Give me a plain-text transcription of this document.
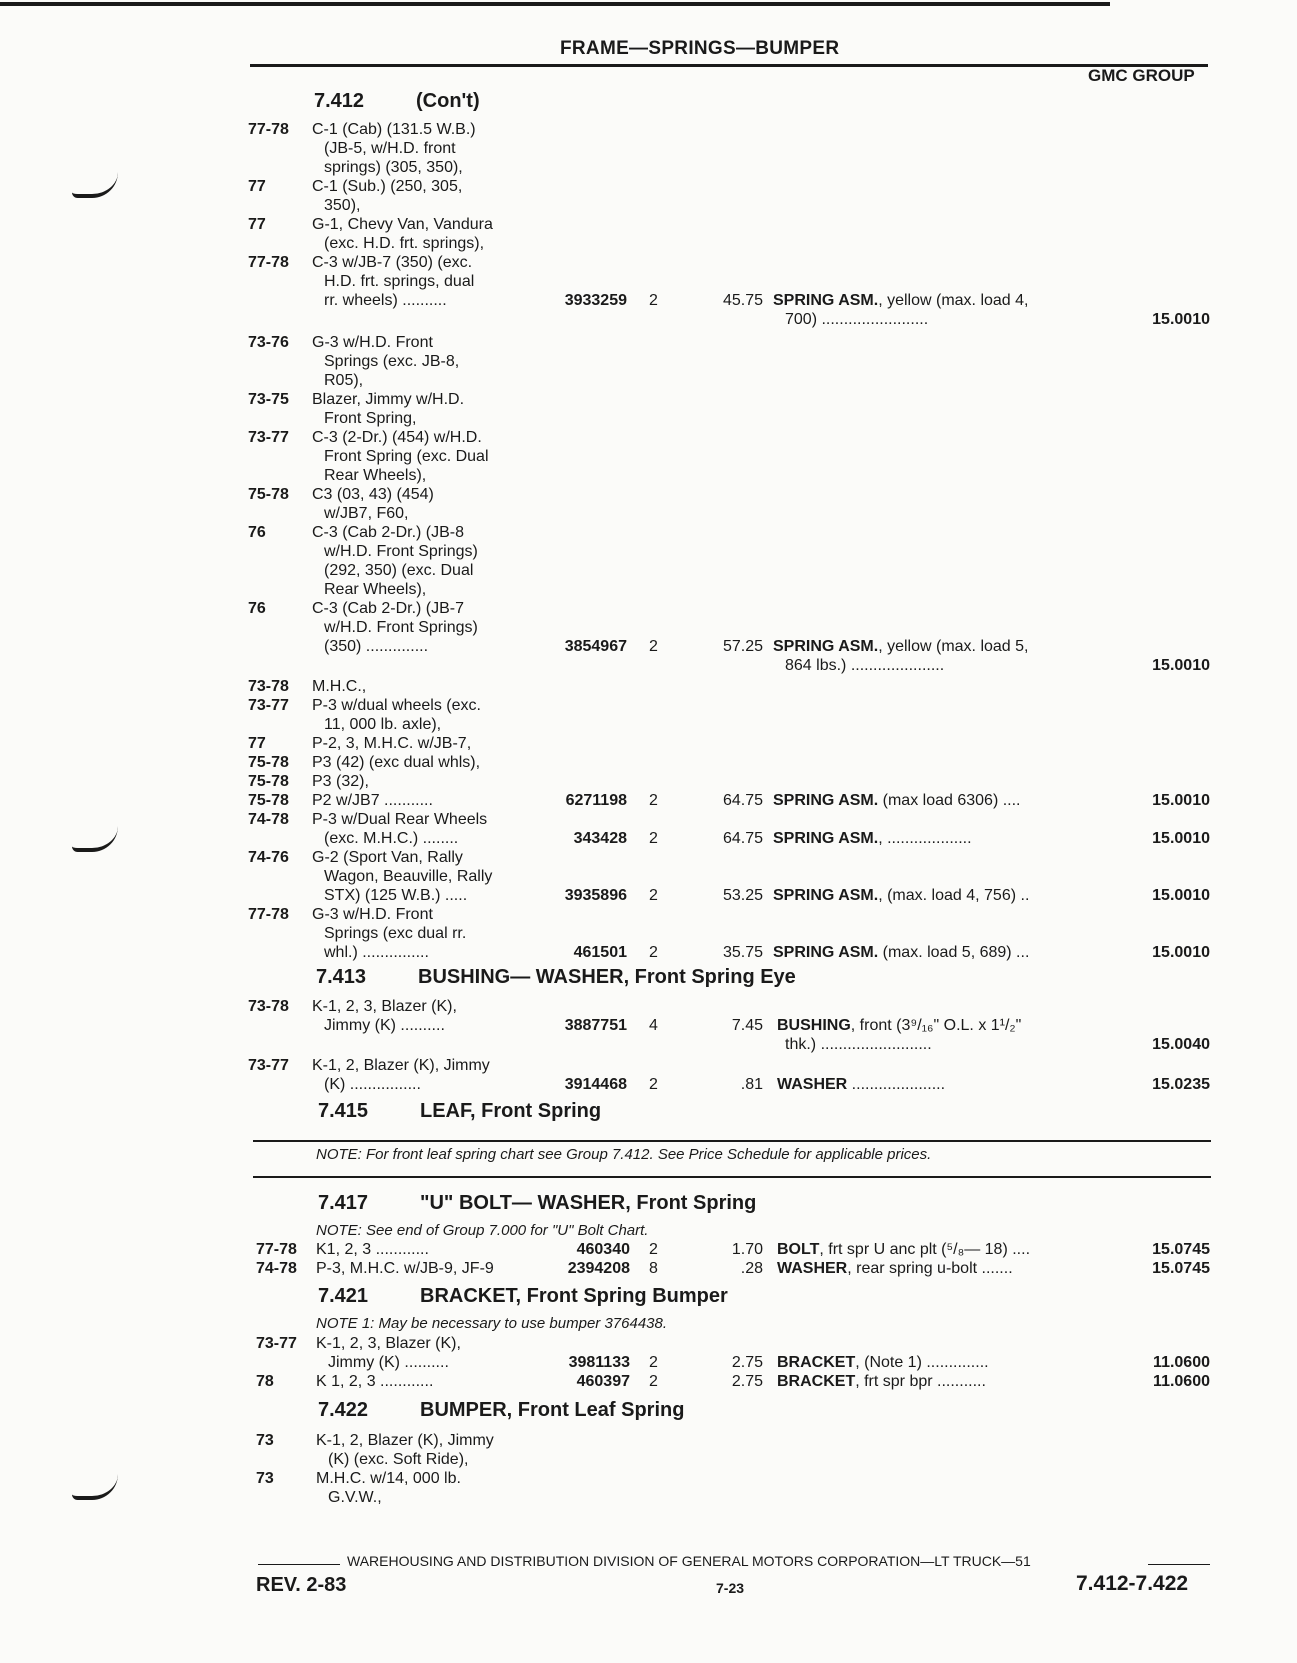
FRAME—SPRINGS—BUMPER
GMC GROUP
7.412	(Con't)
77-78 C-1 (Cab) (131.5 W.B.)
(JB-5, w/H.D. front
springs) (305, 350),
77	C-1 (Sub.) (250, 305,
350),
77	G-1, Chevy Van, Vandura
(exc. H.D. frt. springs),
77-78 C-3 w/JB-7 (350) (exc.
H.D. frt. springs, dual
rr. wheels) ..........	3933259 2	45.75 SPRING ASM., yellow (max. load 4,
700) ........................	15.0010
73-76 G-3 w/H.D. Front
Springs (exc. JB-8,
R05),
73-75 Blazer, Jimmy w/H.D.
Front Spring,
73-77 C-3 (2-Dr.) (454) w/H.D.
Front Spring (exc. Dual
Rear Wheels),
75-78 C3 (03, 43) (454)
w/JB7, F60,
76	C-3 (Cab 2-Dr.) (JB-8
w/H.D. Front Springs)
(292, 350) (exc. Dual
Rear Wheels),
76	C-3 (Cab 2-Dr.) (JB-7
w/H.D. Front Springs)
(350) ..............	3854967 2	57.25 SPRING ASM., yellow (max. load 5,
864 lbs.) .....................	15.0010
73-78 M.H.C.,
73-77 P-3 w/dual wheels (exc.
11, 000 lb. axle),
77	P-2, 3, M.H.C. w/JB-7,
75-78 P3 (42) (exc dual whls),
75-78 P3 (32),
75-78 P2 w/JB7 ...........	6271198 2	64.75 SPRING ASM. (max load 6306) ....	15.0010
74-78 P-3 w/Dual Rear Wheels
(exc. M.H.C.) ........	343428 2	64.75 SPRING ASM., ...................	15.0010
74-76 G-2 (Sport Van, Rally
Wagon, Beauville, Rally
STX) (125 W.B.) .....	3935896 2	53.25 SPRING ASM., (max. load 4, 756) ..	15.0010
77-78 G-3 w/H.D. Front
Springs (exc dual rr.
whl.) ...............	461501 2	35.75 SPRING ASM. (max. load 5, 689) ...	15.0010
7.413	BUSHING— WASHER, Front Spring Eye
73-78 K-1, 2, 3, Blazer (K),
Jimmy (K) ..........	3887751 4	7.45 BUSHING, front (3⁹/₁₆" O.L. x 1¹/₂"
thk.) .........................	15.0040
73-77 K-1, 2, Blazer (K), Jimmy
(K) ................	3914468 2	.81 WASHER .....................	15.0235
7.415	LEAF, Front Spring
NOTE: For front leaf spring chart see Group 7.412. See Price Schedule for applicable prices.
7.417	"U" BOLT— WASHER, Front Spring
NOTE: See end of Group 7.000 for "U" Bolt Chart.
77-78 K1, 2, 3 ............	460340 2	1.70 BOLT, frt spr U anc plt (⁵/₈— 18) ....	15.0745
74-78 P-3, M.H.C. w/JB-9, JF-9	2394208 8	.28 WASHER, rear spring u-bolt .......	15.0745
7.421	BRACKET, Front Spring Bumper
NOTE 1: May be necessary to use bumper 3764438.
73-77 K-1, 2, 3, Blazer (K),
Jimmy (K) ..........	3981133 2	2.75 BRACKET, (Note 1) ..............	11.0600
78	K 1, 2, 3 ............	460397 2	2.75 BRACKET, frt spr bpr ...........	11.0600
7.422	BUMPER, Front Leaf Spring
73	K-1, 2, Blazer (K), Jimmy
(K) (exc. Soft Ride),
73	M.H.C. w/14, 000 lb.
G.V.W.,
WAREHOUSING AND DISTRIBUTION DIVISION OF GENERAL MOTORS CORPORATION—LT TRUCK—51
REV. 2-83	7-23	7.412-7.422
